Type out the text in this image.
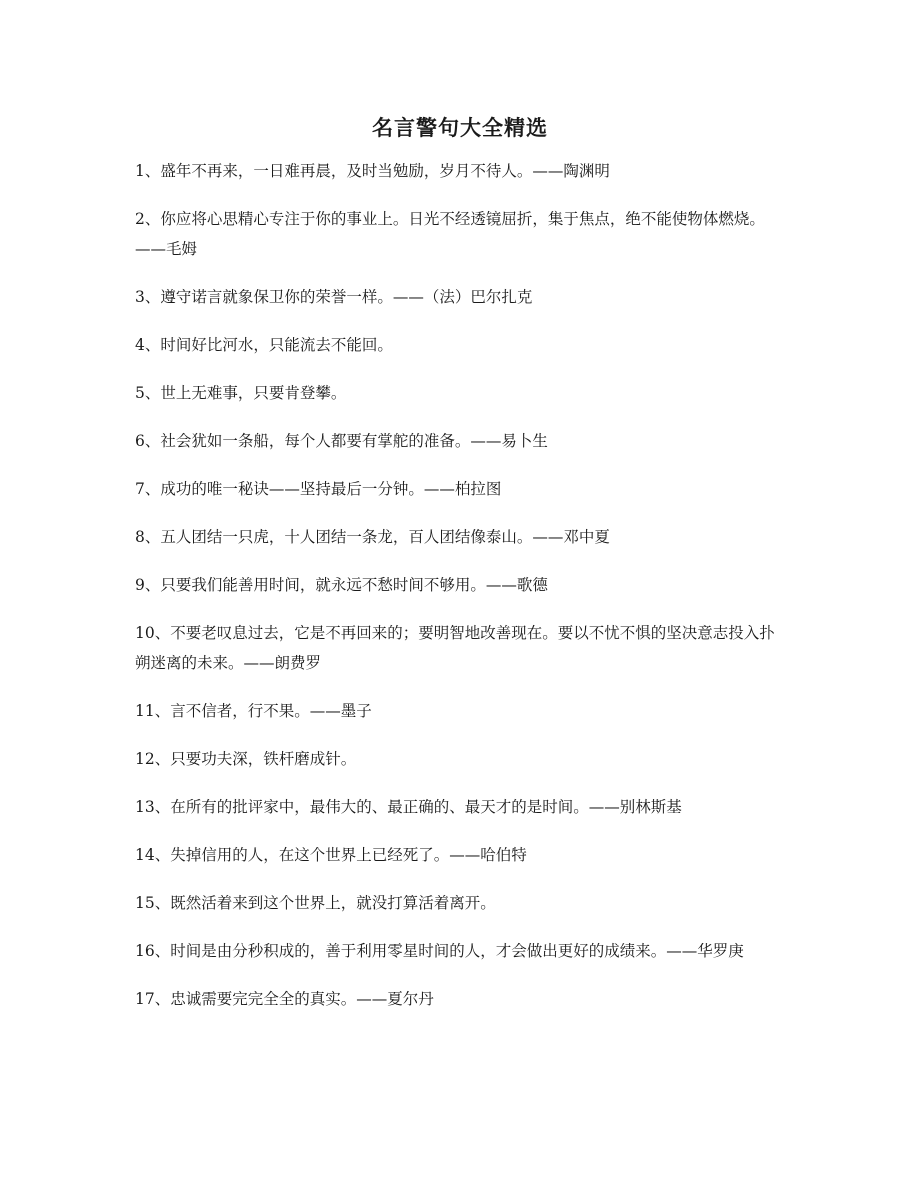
名言警句大全精选

1、盛年不再来，一日难再晨，及时当勉励，岁月不待人。——陶渊明

2、你应将心思精心专注于你的事业上。日光不经透镜屈折，集于焦点，绝不能使物体燃烧。——毛姆

3、遵守诺言就象保卫你的荣誉一样。——（法）巴尔扎克

4、时间好比河水，只能流去不能回。

5、世上无难事，只要肯登攀。

6、社会犹如一条船，每个人都要有掌舵的准备。——易卜生

7、成功的唯一秘诀——坚持最后一分钟。——柏拉图

8、五人团结一只虎，十人团结一条龙，百人团结像泰山。——邓中夏

9、只要我们能善用时间，就永远不愁时间不够用。——歌德

10、不要老叹息过去，它是不再回来的；要明智地改善现在。要以不忧不惧的坚决意志投入扑朔迷离的未来。——朗费罗

11、言不信者，行不果。——墨子

12、只要功夫深，铁杆磨成针。

13、在所有的批评家中，最伟大的、最正确的、最天才的是时间。——别林斯基

14、失掉信用的人，在这个世界上已经死了。——哈伯特

15、既然活着来到这个世界上，就没打算活着离开。

16、时间是由分秒积成的，善于利用零星时间的人，才会做出更好的成绩来。——华罗庚

17、忠诚需要完完全全的真实。——夏尔丹
